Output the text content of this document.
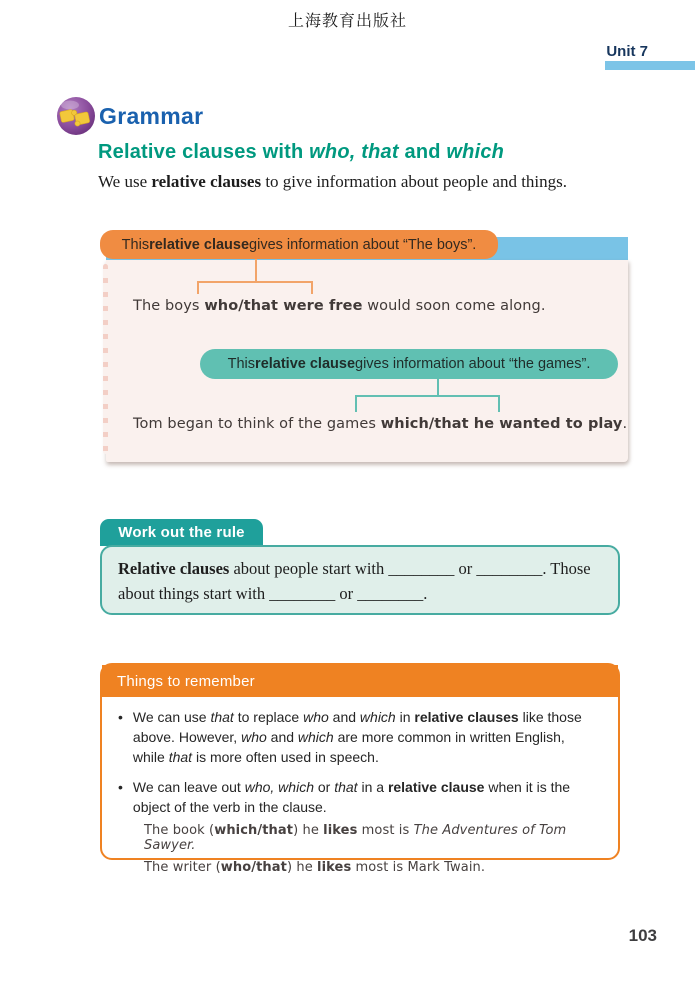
上海教育出版社
Unit 7
Grammar
Relative clauses with who, that and which
We use relative clauses to give information about people and things.
This relative clause gives information about “The boys”.
The boys who/that were free would soon come along.
This relative clause gives information about “the games”.
Tom began to think of the games which/that he wanted to play.
Work out the rule
Relative clauses about people start with ________ or ________. Those about things start with ________ or ________.
Things to remember
• We can use that to replace who and which in relative clauses like those above. However, who and which are more common in written English, while that is more often used in speech.
• We can leave out who, which or that in a relative clause when it is the object of the verb in the clause.
The book (which/that) he likes most is The Adventures of Tom Sawyer.
The writer (who/that) he likes most is Mark Twain.
103
